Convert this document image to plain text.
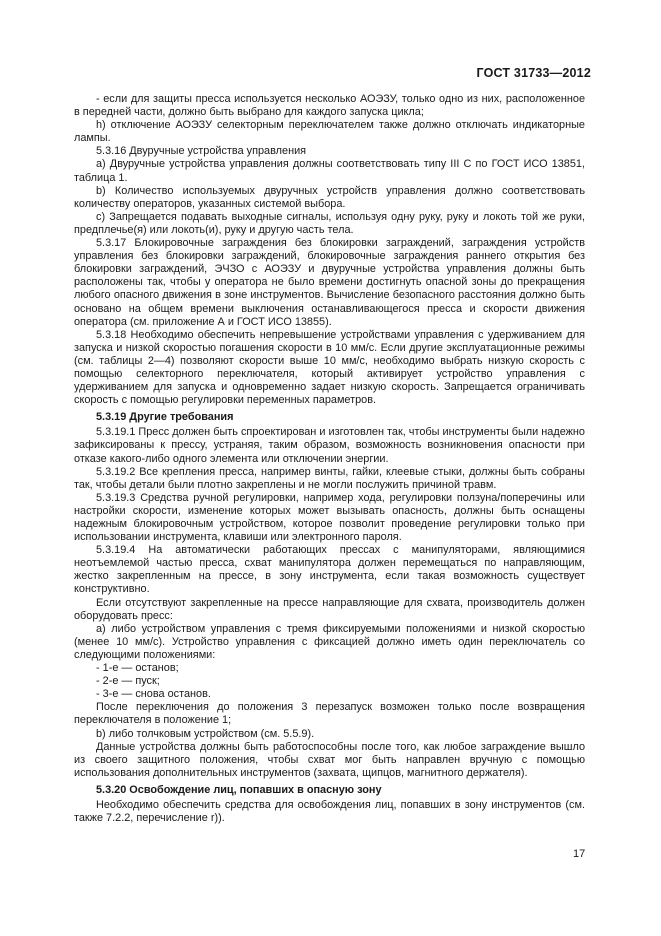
ГОСТ 31733—2012

- если для защиты пресса используется несколько АОЭЗУ, только одно из них, расположенное в передней части, должно быть выбрано для каждого запуска цикла;

h) отключение АОЭЗУ селекторным переключателем также должно отключать индикаторные лампы.

5.3.16 Двуручные устройства управления

a) Двуручные устройства управления должны соответствовать типу III C по ГОСТ ИСО 13851, таблица 1.

b) Количество используемых двуручных устройств управления должно соответствовать количеству операторов, указанных системой выбора.

c) Запрещается подавать выходные сигналы, используя одну руку, руку и локоть той же руки, предплечье(я) или локоть(и), руку и другую часть тела.

5.3.17 Блокировочные заграждения без блокировки заграждений, заграждения устройств управления без блокировки заграждений, блокировочные заграждения раннего открытия без блокировки заграждений, ЭЧЗО с АОЭЗУ и двуручные устройства управления должны быть расположены так, чтобы у оператора не было времени достигнуть опасной зоны до прекращения любого опасного движения в зоне инструментов. Вычисление безопасного расстояния должно быть основано на общем времени выключения останавливающегося пресса и скорости движения оператора (см. приложение А и ГОСТ ИСО 13855).

5.3.18 Необходимо обеспечить непревышение устройствами управления с удерживанием для запуска и низкой скоростью погашения скорости в 10 мм/с. Если другие эксплуатационные режимы (см. таблицы 2—4) позволяют скорости выше 10 мм/с, необходимо выбрать низкую скорость с помощью селекторного переключателя, который активирует устройство управления с удерживанием для запуска и одновременно задает низкую скорость. Запрещается ограничивать скорость с помощью регулировки переменных параметров.

5.3.19 Другие требования

5.3.19.1 Пресс должен быть спроектирован и изготовлен так, чтобы инструменты были надежно зафиксированы к прессу, устраняя, таким образом, возможность возникновения опасности при отказе какого-либо одного элемента или отключении энергии.

5.3.19.2 Все крепления пресса, например винты, гайки, клеевые стыки, должны быть собраны так, чтобы детали были плотно закреплены и не могли послужить причиной травм.

5.3.19.3 Средства ручной регулировки, например хода, регулировки ползуна/поперечины или настройки скорости, изменение которых может вызывать опасность, должны быть оснащены надежным блокировочным устройством, которое позволит проведение регулировки только при использовании инструмента, клавиши или электронного пароля.

5.3.19.4 На автоматически работающих прессах с манипуляторами, являющимися неотъемлемой частью пресса, схват манипулятора должен перемещаться по направляющим, жестко закрепленным на прессе, в зону инструмента, если такая возможность существует конструктивно.

Если отсутствуют закрепленные на прессе направляющие для схвата, производитель должен оборудовать пресс:

a) либо устройством управления с тремя фиксируемыми положениями и низкой скоростью (менее 10 мм/с). Устройство управления с фиксацией должно иметь один переключатель со следующими положениями:

- 1-е — останов;

- 2-е — пуск;

- 3-е — снова останов.

После переключения до положения 3 перезапуск возможен только после возвращения переключателя в положение 1;

b) либо толчковым устройством (см. 5.5.9).

Данные устройства должны быть работоспособны после того, как любое заграждение вышло из своего защитного положения, чтобы схват мог быть направлен вручную с помощью использования дополнительных инструментов (захвата, щипцов, магнитного держателя).

5.3.20 Освобождение лиц, попавших в опасную зону

Необходимо обеспечить средства для освобождения лиц, попавших в зону инструментов (см. также 7.2.2, перечисление r)).

17
